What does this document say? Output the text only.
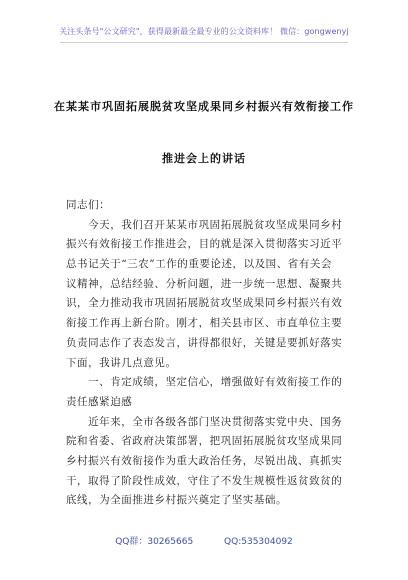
关注头条号"公文研究"，获得最新最全最专业的公文资料库！ 微信：gongwenyj
在某某市巩固拓展脱贫攻坚成果同乡村振兴有效衔接工作
推进会上的讲话
同志们：
　　今天，我们召开某某市巩固拓展脱贫攻坚成果同乡村
振兴有效衔接工作推进会，目的就是深入贯彻落实习近平
总书记关于“三农”工作的重要论述，以及国、省有关会
议精神，总结经验、分析问题，进一步统一思想、凝聚共
识，全力推动我市巩固拓展脱贫攻坚成果同乡村振兴有效
衔接工作再上新台阶。刚才，相关县市区、市直单位主要
负责同志作了表态发言，讲得都很好，关键是要抓好落实
下面，我讲几点意见。
　　一、肯定成绩，坚定信心，增强做好有效衔接工作的
责任感紧迫感
　　近年来，全市各级各部门坚决贯彻落实党中央、国务
院和省委、省政府决策部署，把巩固拓展脱贫攻坚成果同
乡村振兴有效衔接作为重大政治任务，尽锐出战、真抓实
干，取得了阶段性成效，守住了不发生规模性返贫致贫的
底线，为全面推进乡村振兴奠定了坚实基础。
QQ群：30265665	QQ:535304092
